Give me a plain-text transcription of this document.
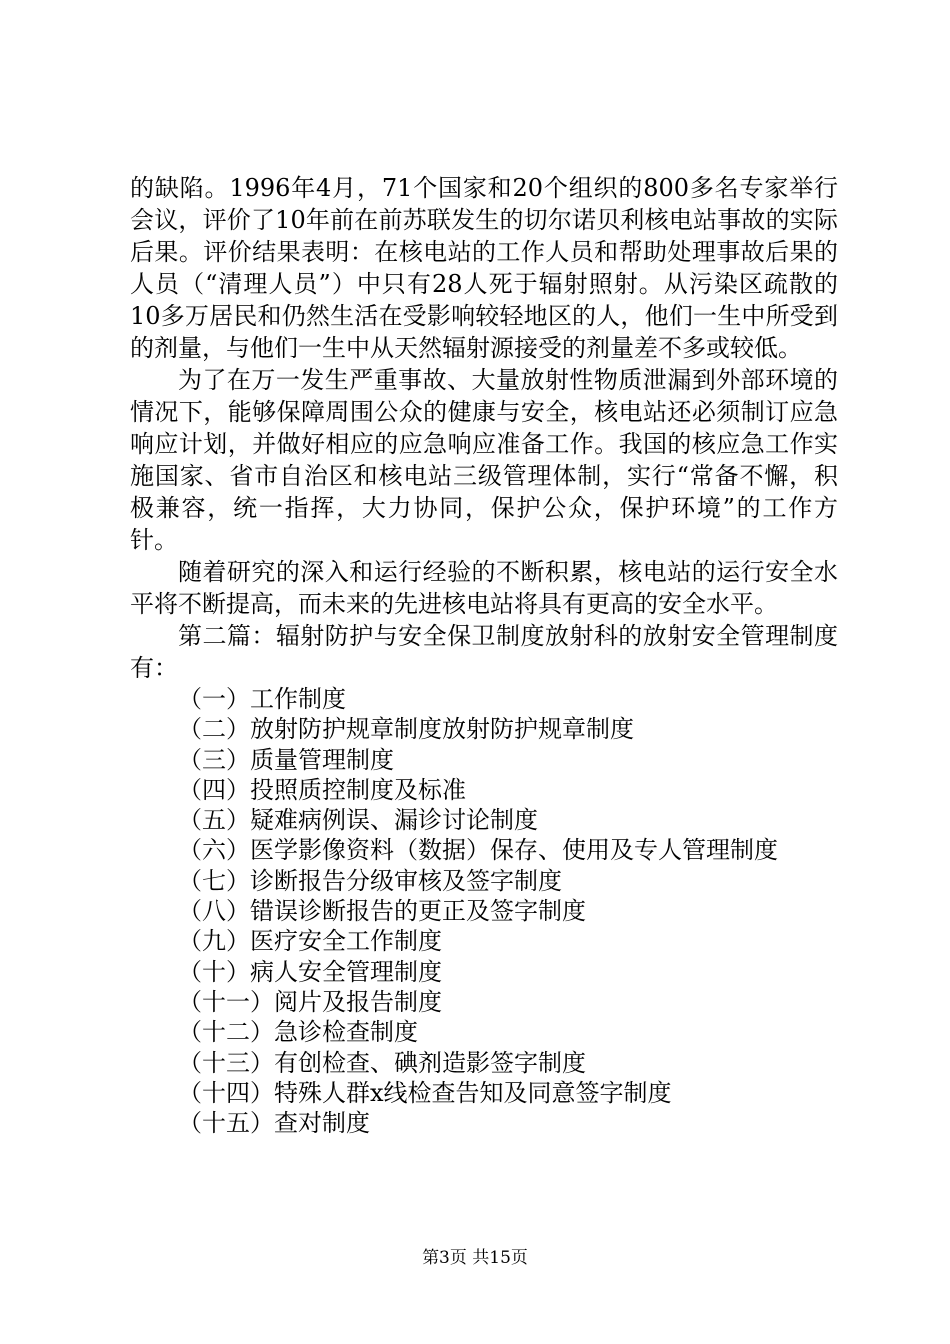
的缺陷。1996年4月，71个国家和20个组织的800多名专家举行会议，评价了10年前在前苏联发生的切尔诺贝利核电站事故的实际后果。评价结果表明：在核电站的工作人员和帮助处理事故后果的人员（“清理人员”）中只有28人死于辐射照射。从污染区疏散的10多万居民和仍然生活在受影响较轻地区的人，他们一生中所受到的剂量，与他们一生中从天然辐射源接受的剂量差不多或较低。

为了在万一发生严重事故、大量放射性物质泄漏到外部环境的情况下，能够保障周围公众的健康与安全，核电站还必须制订应急响应计划，并做好相应的应急响应准备工作。我国的核应急工作实施国家、省市自治区和核电站三级管理体制，实行“常备不懈，积极兼容，统一指挥，大力协同，保护公众，保护环境”的工作方针。

随着研究的深入和运行经验的不断积累，核电站的运行安全水平将不断提高，而未来的先进核电站将具有更高的安全水平。

第二篇：辐射防护与安全保卫制度放射科的放射安全管理制度有：

（一）工作制度
（二）放射防护规章制度放射防护规章制度
（三）质量管理制度
（四）投照质控制度及标准
（五）疑难病例误、漏诊讨论制度
（六）医学影像资料（数据）保存、使用及专人管理制度
（七）诊断报告分级审核及签字制度
（八）错误诊断报告的更正及签字制度
（九）医疗安全工作制度
（十）病人安全管理制度
（十一）阅片及报告制度
（十二）急诊检查制度
（十三）有创检查、碘剂造影签字制度
（十四）特殊人群x线检查告知及同意签字制度
（十五）查对制度
第3页 共15页
